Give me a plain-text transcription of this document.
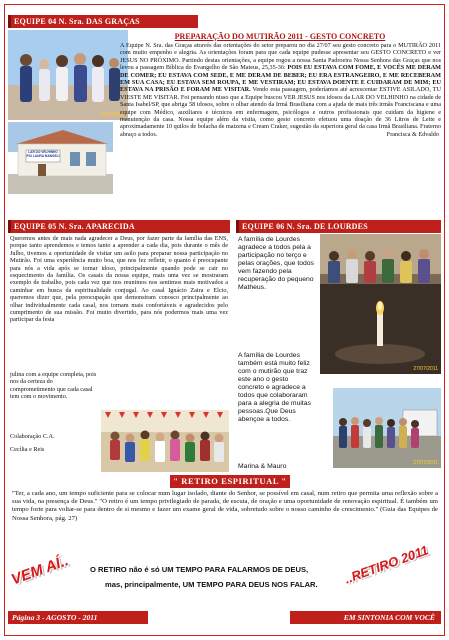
EQUIPE 04 N. Sra. DAS GRAÇAS
27/07/2011
LAR DO VELHINHO
PIO LAURA MANGELI
PREPARAÇÃO DO MUTIRÃO 2011 - GESTO CONCRETO

A Equipe N. Sra. das Graças através das orientações do setor preparou no dia 27/07 seu gesto concreto para o MUTIRÃO 2011 com muito empenho e alegria. As orientações foram para que cada equipe pudesse apresentar seu GESTO CONCRETO e ver JESUS NO PRÓXIMO. Partindo destas orientações, a equipe rogou a nossa Santa Padroeira Nossa Senhora das Graças que nos levou a passagem Bíblica do Evangelho de São Mateus, 25,35-36: POIS EU ESTAVA COM FOME, E VOCÊS ME DERAM DE COMER; EU ESTAVA COM SEDE, E ME DERAM DE BEBER; EU ERA ESTRANGEIRO, E ME RECEBERAM EM SUA CASA; EU ESTAVA SEM ROUPA, E ME VESTIRAM; EU ESTAVA DOENTE E CUIDARAM DE MIM; EU ESTAVA NA PRISÃO E FORAM ME VISITAR. Vendo esta passagem, poderíamos até acrescentar ESTIVE ASILADO, TU VIESTE ME VISITAR. Foi pensando nisso que a Equipe buscou VER JESUS nos idosos da LAR DO VELHINHO na cidade de Santa Isabel/SP, que abriga 58 idosos, sobre o olhar atendo da Irmã Brasiliana com a ajuda de mais três irmãs Franciscana e uma equipe com Médico, auxiliares e técnicos em enfermagem, psicólogos e outros profissionais que cuidam da higiene e manutenção da casa. Nossa equipe além da visita, como gesto concreto efetuou uma doação de 36 Litros de Leite e aproximadamente 10 quilos de bolacha de maizena e Cream Craker, sugestão da superiora geral da casa Irmã Brasiliana. Fraterno abraço a todos.	Francisca & Edvaldo

EQUIPE 05 N. Sra. APARECIDA

Queremos antes de mais nada agradecer a Deus, por fazer parte da família das ENS, porque tanto aprendemos e temos tanto a aprender a cada dia, pois durante o mês de Julho, tivemos a oportunidade de visitar um asilo para preparar nossa participação no Mutirão. Foi uma experiência muito boa, que nos fez refletir, o quanto é preocupante para nós a vida após se tornar idoso, principalmente quando pode se cair no esquecimento da família. Os casais da nossa equipe, mais uma vez se mostraram exemplo de trabalho, pois cada vez que nos reunimos nos sentimos mais motivados a caminhar em busca da espiritualidade conjugal. Ao casal Ignácio Zaira e Elcio, queremos dizer que, pela preocupação que demonstram conosco principalmente ao olhar individualmente cada casal, nos tornam mais confortáveis e agradecidos pelo cumprimento de sua missão. Foi muito divertido, para nós podermos mais uma vez participar da festa

julina com a equipe completa, pois nos da certeza do comprometimento que cada casal tem com o movimento.

Colaboração C.A.
Cecília e Reis
EQUIPE 06 N. Sra. DE LOURDES

A família de Lourdes agradece a todos pela a participação no terço e pelas orações, que todos vem fazendo pela recuperação do pequeno Matheus.

A família de Lourdes também está muito feliz com o mutirão que traz este ano o gesto concreto e agradece a todos que colaboraram para a alegria de muitas pessoas.Que Deus abençoe a todos.

Marina & Mauro
27/07/2011
27/07/2011
" RETIRO ESPIRITUAL "

"Ter, a cada ano, um tempo suficiente para se colocar num lugar isolado, diante do Senhor, se possível em casal, num retiro que permita uma reflexão sobre a sua vida, na presença de Deus." "O retiro é um tempo privilegiado de parada, de escuta, de oração e uma oportunidade de renovação espiritual. É também um tempo forte para voltar-se para dentro de si mesmo e fazer um exame geral de vida, sobretudo sobre o nosso caminho de crescimento." (Guia das Equipes de Nossa Senhora, pág. 27)

O RETIRO não é só UM TEMPO PARA FALARMOS DE DEUS,
mas, principalmente, UM TEMPO PARA DEUS NOS FALAR.
VEM AÍ..	..RETIRO 2011
Página 3 - AGOSTO - 2011	EM SINTONIA COM VOCÊ
